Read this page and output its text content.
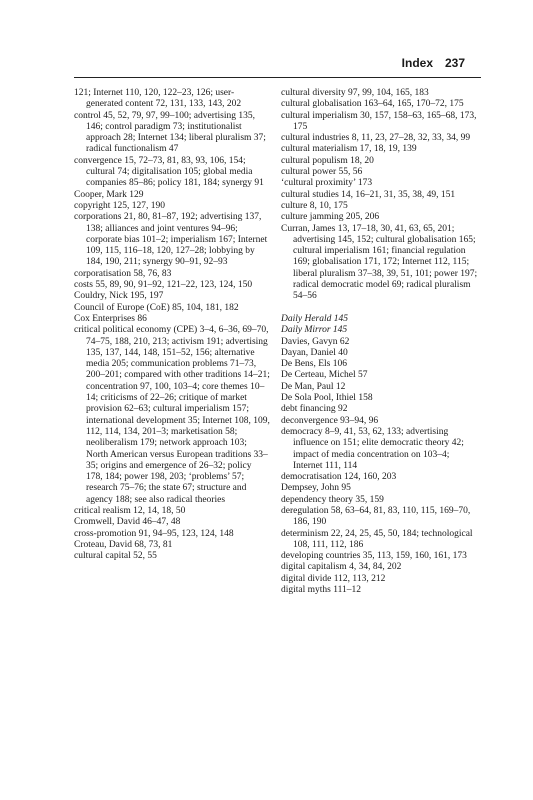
Index 237

121; Internet 110, 120, 122–23, 126; user-generated content 72, 131, 133, 143, 202

control 45, 52, 79, 97, 99–100; advertising 135, 146; control paradigm 73; institutionalist approach 28; Internet 134; liberal pluralism 37; radical functionalism 47

convergence 15, 72–73, 81, 83, 93, 106, 154; cultural 74; digitalisation 105; global media companies 85–86; policy 181, 184; synergy 91

Cooper, Mark 129

copyright 125, 127, 190

corporations 21, 80, 81–87, 192; advertising 137, 138; alliances and joint ventures 94–96; corporate bias 101–2; imperialism 167; Internet 109, 115, 116–18, 120, 127–28; lobbying by 184, 190, 211; synergy 90–91, 92–93

corporatisation 58, 76, 83

costs 55, 89, 90, 91–92, 121–22, 123, 124, 150

Couldry, Nick 195, 197

Council of Europe (CoE) 85, 104, 181, 182

Cox Enterprises 86

critical political economy (CPE) 3–4, 6–36, 69–70, 74–75, 188, 210, 213; activism 191; advertising 135, 137, 144, 148, 151–52, 156; alternative media 205; communication problems 71–73, 200–201; compared with other traditions 14–21; concentration 97, 100, 103–4; core themes 10–14; criticisms of 22–26; critique of market provision 62–63; cultural imperialism 157; international development 35; Internet 108, 109, 112, 114, 134, 201–3; marketisation 58; neoliberalism 179; network approach 103; North American versus European traditions 33–35; origins and emergence of 26–32; policy 178, 184; power 198, 203; ‘problems’ 57; research 75–76; the state 67; structure and agency 188; see also radical theories

critical realism 12, 14, 18, 50

Cromwell, David 46–47, 48

cross-promotion 91, 94–95, 123, 124, 148

Croteau, David 68, 73, 81

cultural capital 52, 55

cultural diversity 97, 99, 104, 165, 183

cultural globalisation 163–64, 165, 170–72, 175

cultural imperialism 30, 157, 158–63, 165–68, 173, 175

cultural industries 8, 11, 23, 27–28, 32, 33, 34, 99

cultural materialism 17, 18, 19, 139

cultural populism 18, 20

cultural power 55, 56

‘cultural proximity’ 173

cultural studies 14, 16–21, 31, 35, 38, 49, 151

culture 8, 10, 175

culture jamming 205, 206

Curran, James 13, 17–18, 30, 41, 63, 65, 201; advertising 145, 152; cultural globalisation 165; cultural imperialism 161; financial regulation 169; globalisation 171, 172; Internet 112, 115; liberal pluralism 37–38, 39, 51, 101; power 197; radical democratic model 69; radical pluralism 54–56

Daily Herald 145

Daily Mirror 145

Davies, Gavyn 62

Dayan, Daniel 40

De Bens, Els 106

De Certeau, Michel 57

De Man, Paul 12

De Sola Pool, Ithiel 158

debt financing 92

deconvergence 93–94, 96

democracy 8–9, 41, 53, 62, 133; advertising influence on 151; elite democratic theory 42; impact of media concentration on 103–4; Internet 111, 114

democratisation 124, 160, 203

Dempsey, John 95

dependency theory 35, 159

deregulation 58, 63–64, 81, 83, 110, 115, 169–70, 186, 190

determinism 22, 24, 25, 45, 50, 184; technological 108, 111, 112, 186

developing countries 35, 113, 159, 160, 161, 173

digital capitalism 4, 34, 84, 202

digital divide 112, 113, 212

digital myths 111–12
